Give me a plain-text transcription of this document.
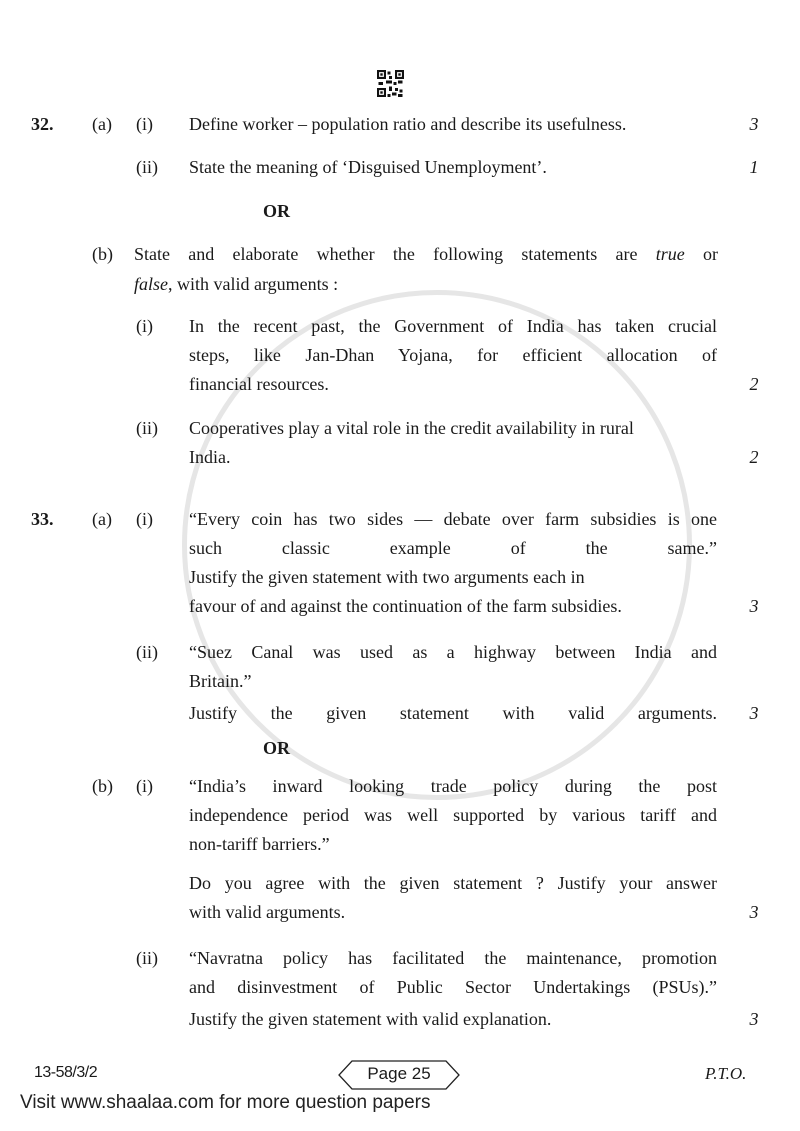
32. (a) (i) Define worker – population ratio and describe its usefulness.	3
(ii) State the meaning of ‘Disguised Unemployment’.	1
OR
(b) State and elaborate whether the following statements are true or
false, with valid arguments :
(i) In the recent past, the Government of India has taken crucial
steps, like Jan-Dhan Yojana, for efficient allocation of
financial resources.	2
(ii) Cooperatives play a vital role in the credit availability in rural
India.	2
33. (a) (i) “Every coin has two sides — debate over farm subsidies is one
such classic example of the same.”
Justify the given statement with two arguments each in
favour of and against the continuation of the farm subsidies.	3
(ii) “Suez Canal was used as a highway between India and
Britain.”
Justify the given statement with valid arguments. 3
OR
(b) (i) “India’s inward looking trade policy during the post
independence period was well supported by various tariff and
non-tariff barriers.”
Do you agree with the given statement ? Justify your answer
with valid arguments.	3
(ii) “Navratna policy has facilitated the maintenance, promotion
and disinvestment of Public Sector Undertakings (PSUs).”
Justify the given statement with valid explanation.	3
13-58/3/2	Page 25	P.T.O.
Visit www.shaalaa.com for more question papers
